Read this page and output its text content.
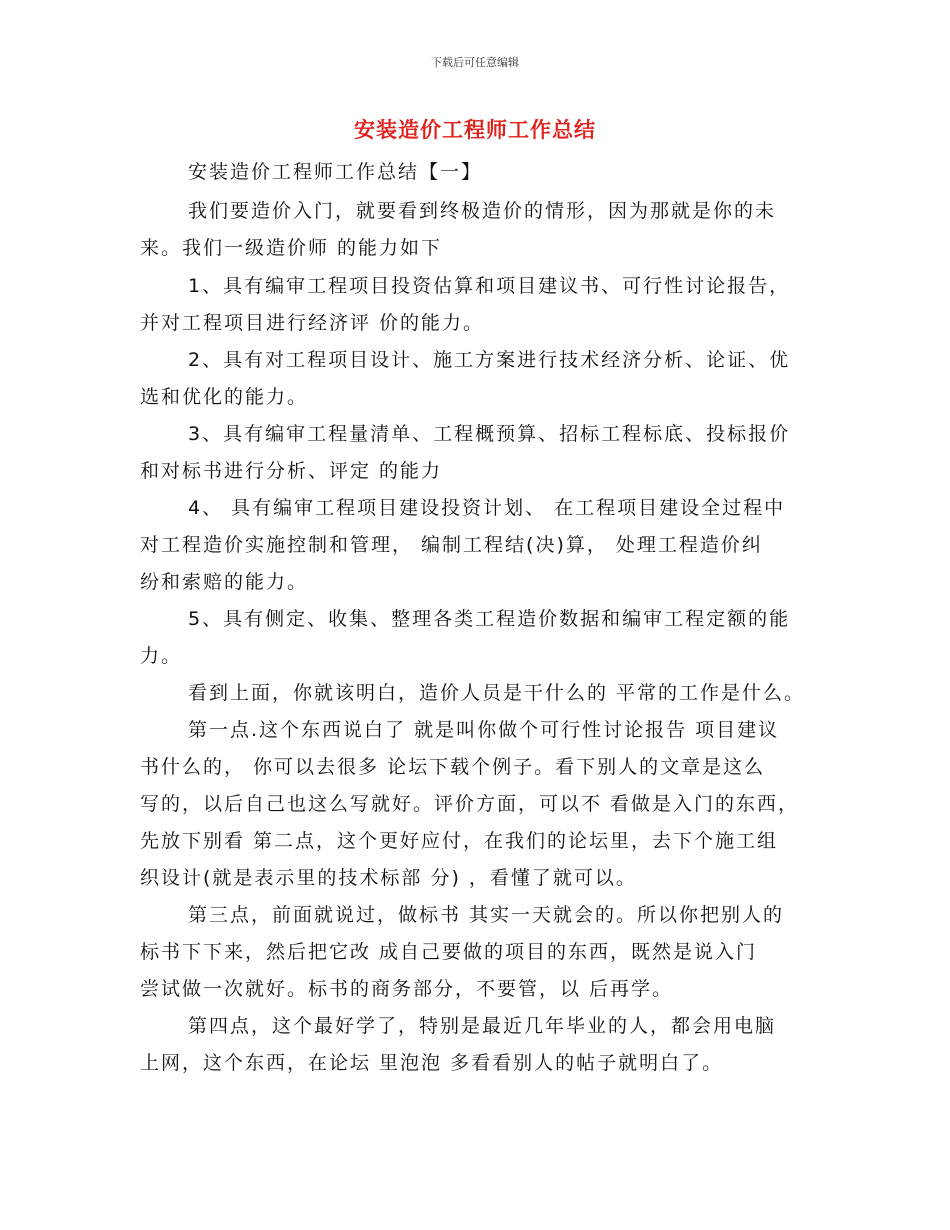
下载后可任意编辑
安装造价工程师工作总结
安装造价工程师工作总结【一】
我们要造价入门，就要看到终极造价的情形，因为那就是你的未
来。我们一级造价师 的能力如下
1、具有编审工程项目投资估算和项目建议书、可行性讨论报告，
并对工程项目进行经济评 价的能力。
2、具有对工程项目设计、施工方案进行技术经济分析、论证、优
选和优化的能力。
3、具有编审工程量清单、工程概预算、招标工程标底、投标报价
和对标书进行分析、评定 的能力
4、 具有编审工程项目建设投资计划、 在工程项目建设全过程中
对工程造价实施控制和管理， 编制工程结(决)算， 处理工程造价纠
纷和索赔的能力。
5、具有侧定、收集、整理各类工程造价数据和编审工程定额的能
力。
看到上面，你就该明白，造价人员是干什么的 平常的工作是什么。
第一点.这个东西说白了 就是叫你做个可行性讨论报告 项目建议
书什么的， 你可以去很多 论坛下载个例子。看下别人的文章是这么
写的，以后自己也这么写就好。评价方面，可以不 看做是入门的东西，
先放下别看 第二点，这个更好应付，在我们的论坛里，去下个施工组
织设计(就是表示里的技术标部 分) ，看懂了就可以。
第三点，前面就说过，做标书 其实一天就会的。所以你把别人的
标书下下来，然后把它改 成自己要做的项目的东西，既然是说入门
尝试做一次就好。标书的商务部分，不要管，以 后再学。
第四点，这个最好学了，特别是最近几年毕业的人，都会用电脑
上网，这个东西，在论坛 里泡泡 多看看别人的帖子就明白了。
